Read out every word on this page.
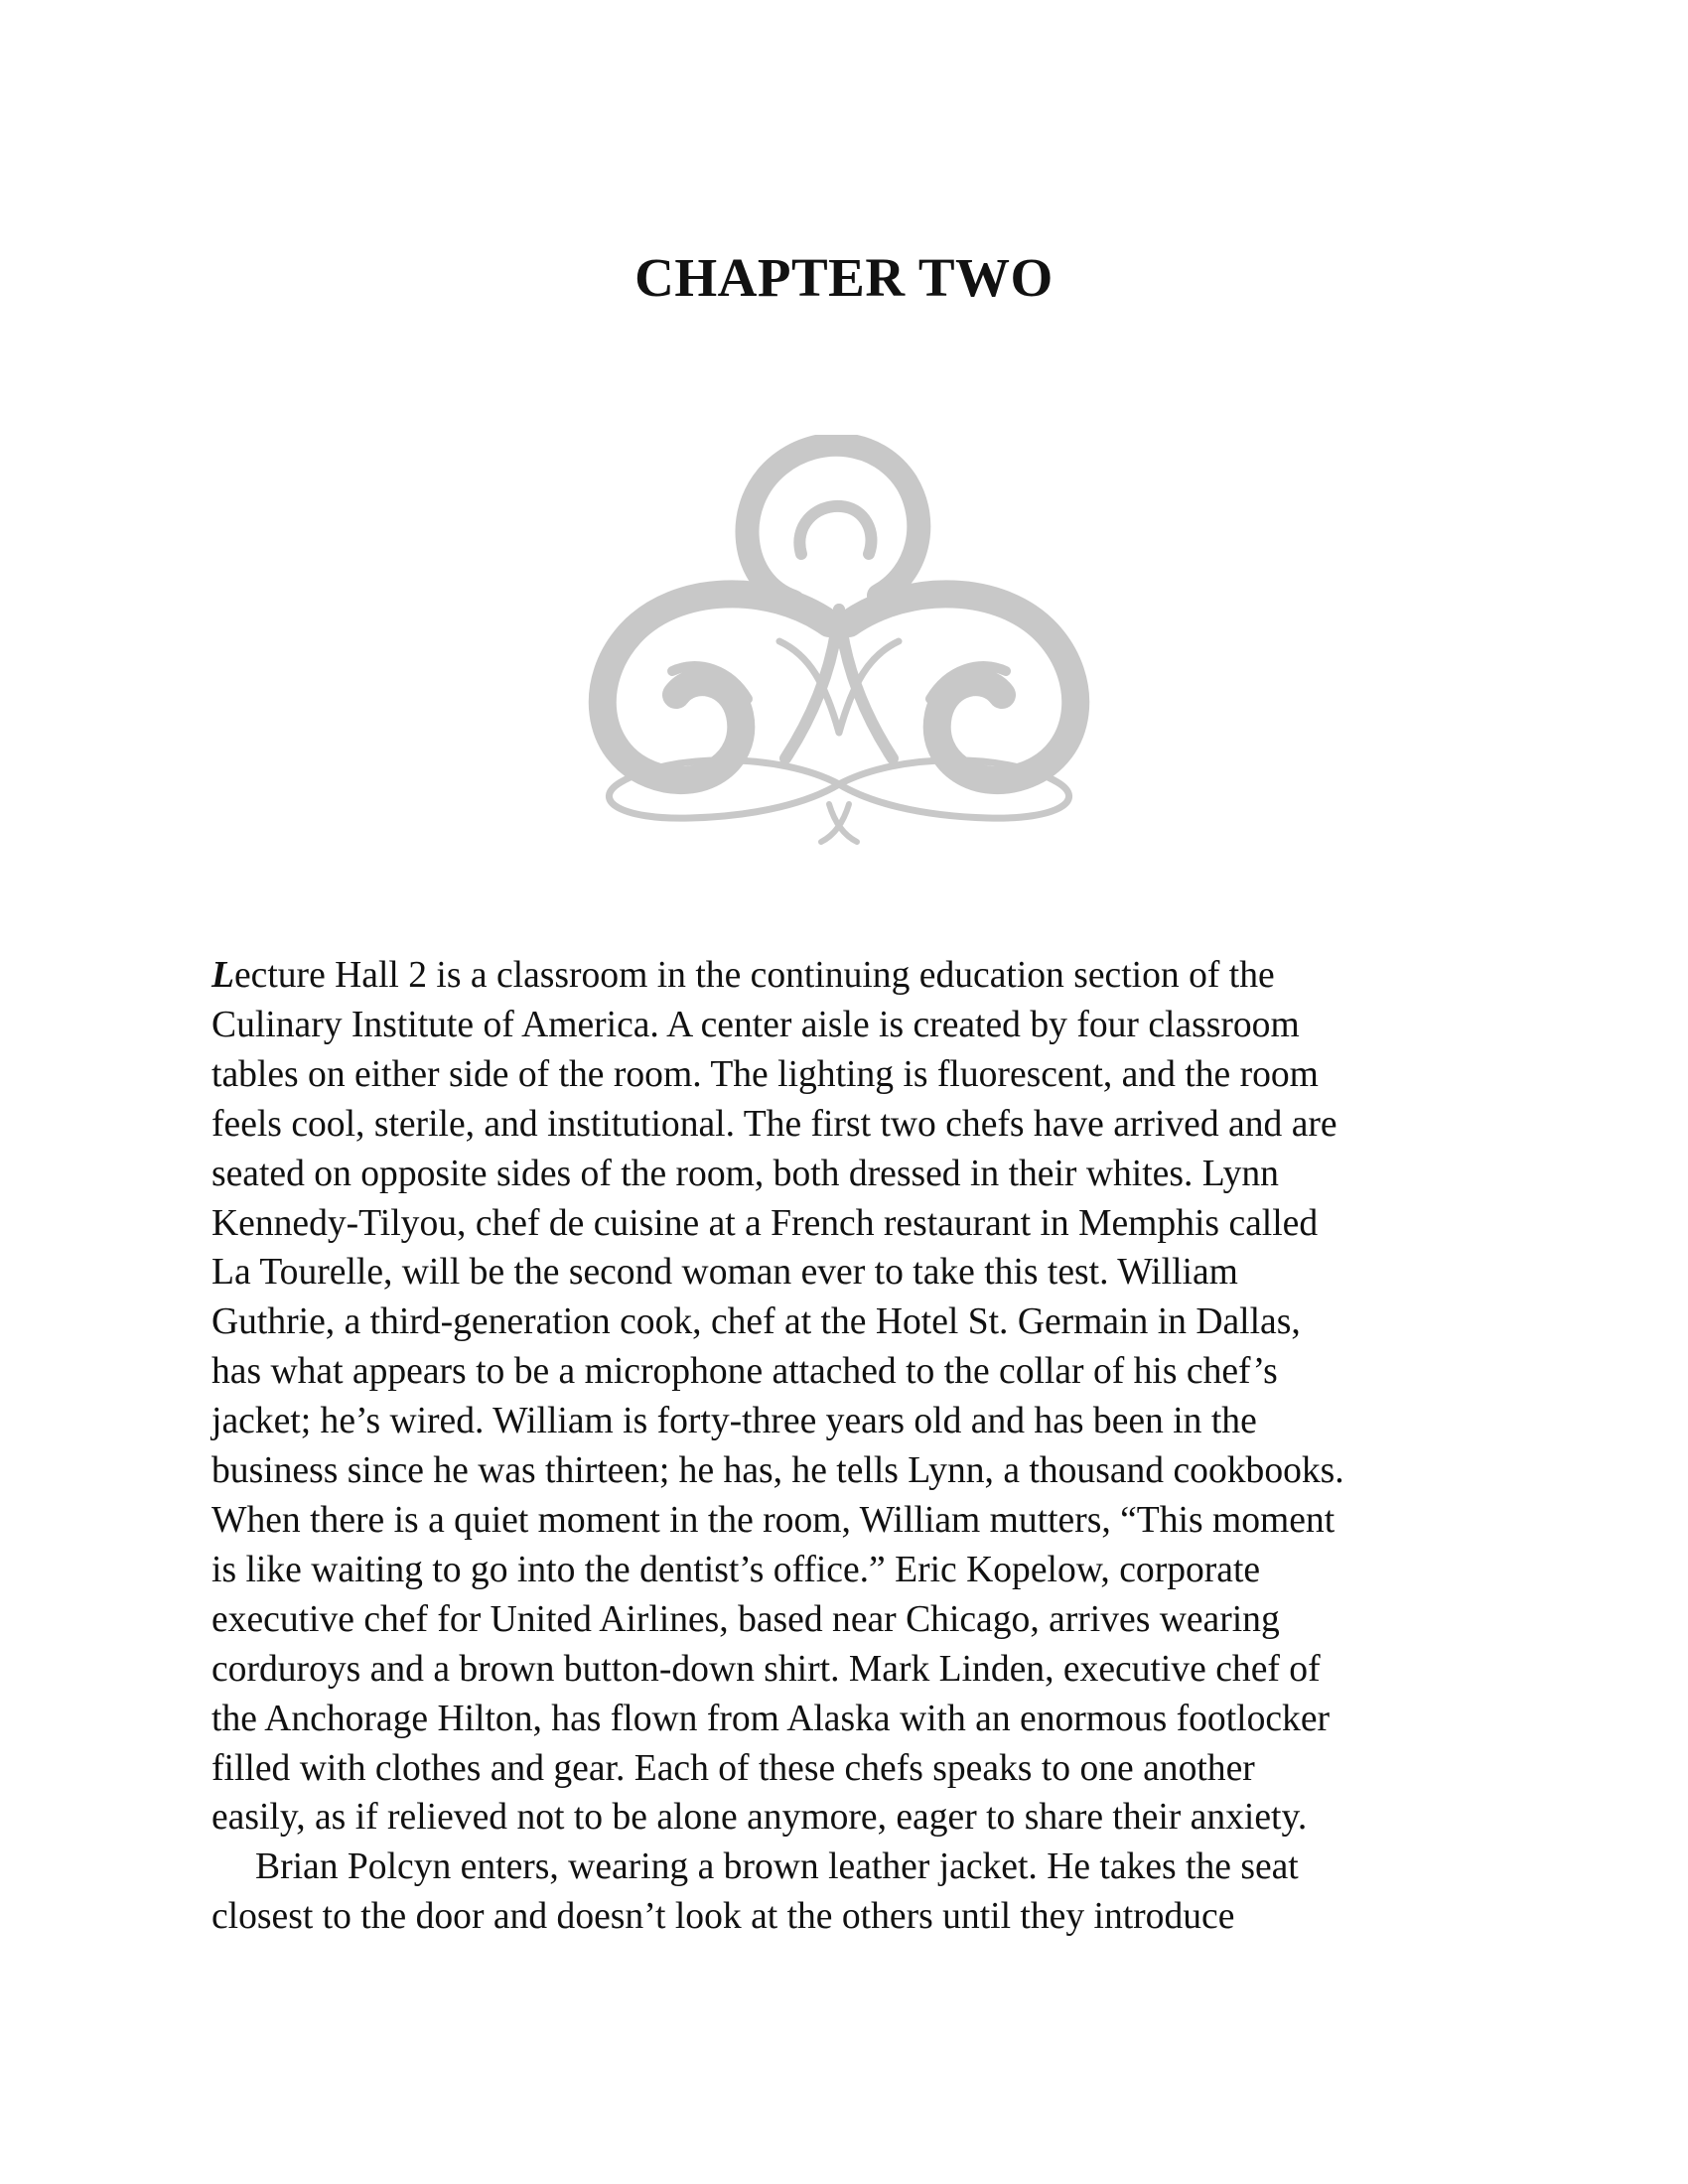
CHAPTER TWO
Lecture Hall 2 is a classroom in the continuing education section of the
Culinary Institute of America. A center aisle is created by four classroom
tables on either side of the room. The lighting is fluorescent, and the room
feels cool, sterile, and institutional. The first two chefs have arrived and are
seated on opposite sides of the room, both dressed in their whites. Lynn
Kennedy-Tilyou, chef de cuisine at a French restaurant in Memphis called
La Tourelle, will be the second woman ever to take this test. William
Guthrie, a third-generation cook, chef at the Hotel St. Germain in Dallas,
has what appears to be a microphone attached to the collar of his chef’s
jacket; he’s wired. William is forty-three years old and has been in the
business since he was thirteen; he has, he tells Lynn, a thousand cookbooks.
When there is a quiet moment in the room, William mutters, “This moment
is like waiting to go into the dentist’s office.” Eric Kopelow, corporate
executive chef for United Airlines, based near Chicago, arrives wearing
corduroys and a brown button-down shirt. Mark Linden, executive chef of
the Anchorage Hilton, has flown from Alaska with an enormous footlocker
filled with clothes and gear. Each of these chefs speaks to one another
easily, as if relieved not to be alone anymore, eager to share their anxiety.
Brian Polcyn enters, wearing a brown leather jacket. He takes the seat
closest to the door and doesn’t look at the others until they introduce
